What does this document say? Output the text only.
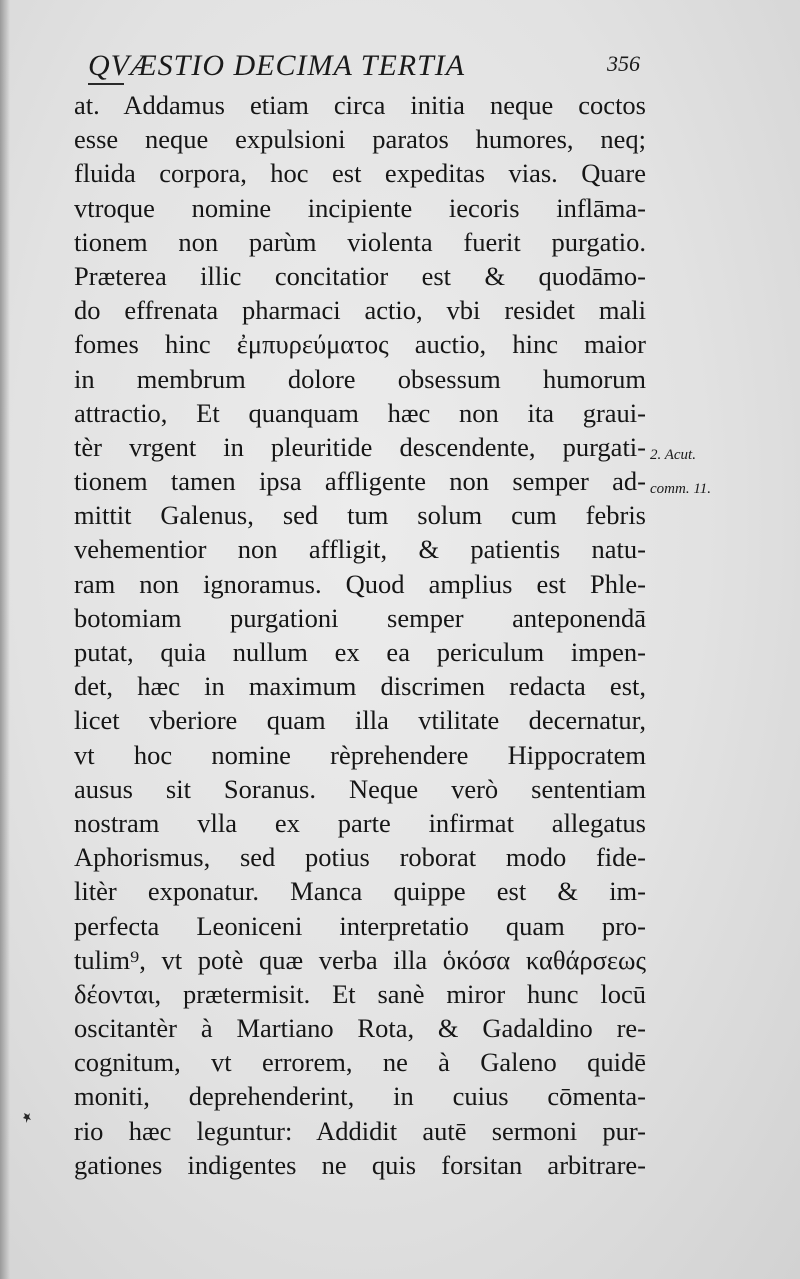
QVÆSTIO DECIMA TERTIA	356
at. Addamus etiam circa initia neque coctos
esse neque expulsioni paratos humores, neq;
fluida corpora, hoc est expeditas vias. Quare
vtroque nomine incipiente iecoris inflāma-
tionem non parùm violenta fuerit purgatio.
Præterea illic concitatior est & quodāmo-
do effrenata pharmaci actio, vbi residet mali
fomes hinc ἐμπυρεύματος auctio, hinc maior
in membrum dolore obsessum humorum
attractio, Et quanquam hæc non ita graui-
tèr vrgent in pleuritide descendente, purgati-
tionem tamen ipsa affligente non semper ad-
mittit Galenus, sed tum solum cum febris
vehementior non affligit, & patientis natu-
ram non ignoramus. Quod amplius est Phle-
botomiam purgationi semper anteponendā
putat, quia nullum ex ea periculum impen-
det, hæc in maximum discrimen redacta est,
licet vberiore quam illa vtilitate decernatur,
vt hoc nomine rèprehendere Hippocratem
ausus sit Soranus. Neque verò sententiam
nostram vlla ex parte infirmat allegatus
Aphorismus, sed potius roborat modo fide-
litèr exponatur. Manca quippe est & im-
perfecta Leoniceni interpretatio quam pro-
tulim⁹, vt potè quæ verba illa ὁκόσα καθάρσεως
δέονται, prætermisit. Et sanè miror hunc locū
oscitantèr à Martiano Rota, & Gadaldino re-
cognitum, vt errorem, ne à Galeno quidē
moniti, deprehenderint, in cuius cōmenta-
rio hæc leguntur: Addidit autē sermoni pur-
gationes indigentes ne quis forsitan arbitrare-
2. Acut.
comm. 11.
